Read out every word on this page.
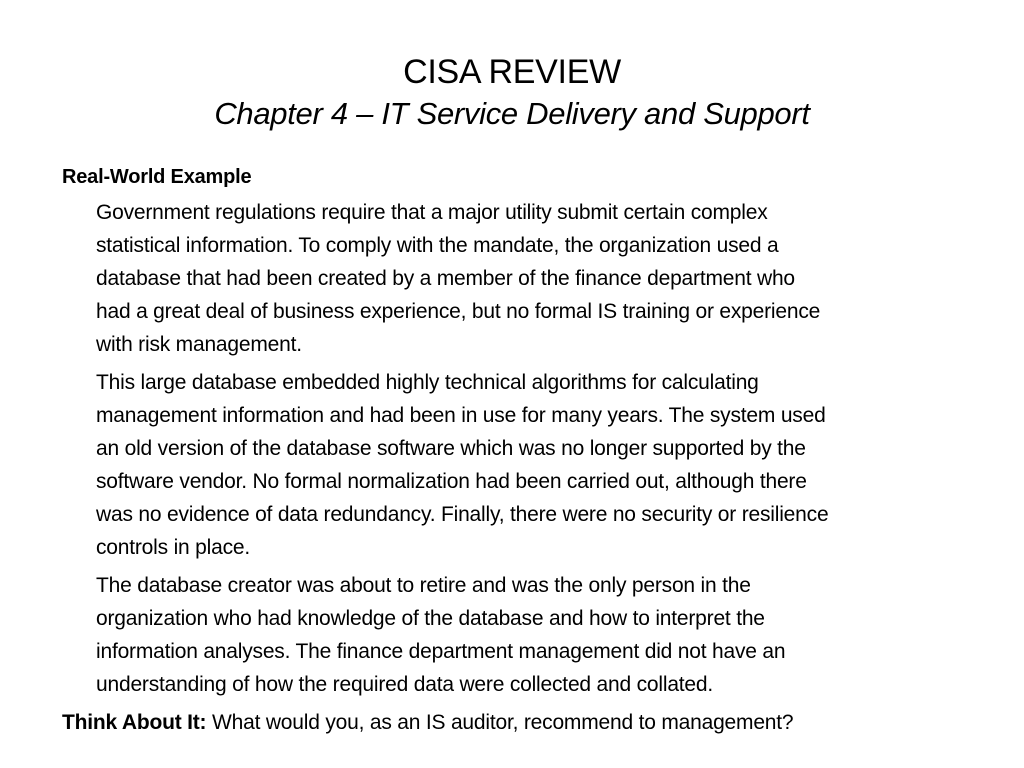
CISA REVIEW
Chapter 4 – IT Service Delivery and Support
Real-World Example
Government regulations require that a major utility submit certain complex
statistical information. To comply with the mandate, the organization used a
database that had been created by a member of the finance department who
had a great deal of business experience, but no formal IS training or experience
with risk management.
This large database embedded highly technical algorithms for calculating
management information and had been in use for many years. The system used
an old version of the database software which was no longer supported by the
software vendor. No formal normalization had been carried out, although there
was no evidence of data redundancy. Finally, there were no security or resilience
controls in place.
The database creator was about to retire and was the only person in the
organization who had knowledge of the database and how to interpret the
information analyses. The finance department management did not have an
understanding of how the required data were collected and collated.
Think About It: What would you, as an IS auditor, recommend to management?
